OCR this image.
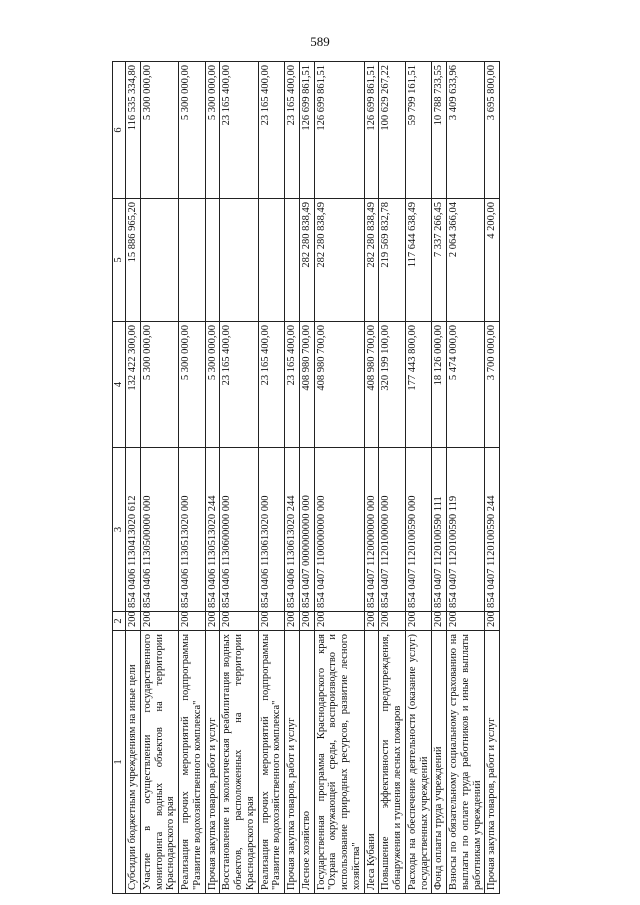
589
1	2	3	4	5	6
Субсидии бюджетным учреждениям на иные цели	200	854 0406 1130413020 612	132 422 300,00	15 886 965,20	116 535 334,80
Участие в осуществлении государственного мониторинга водных объектов на территории Краснодарского края	200	854 0406 1130500000 000	5 300 000,00		5 300 000,00
Реализация прочих мероприятий подпрограммы "Развитие водохозяйственного комплекса"	200	854 0406 1130513020 000	5 300 000,00		5 300 000,00
Прочая закупка товаров, работ и услуг	200	854 0406 1130513020 244	5 300 000,00		5 300 000,00
Восстановление и экологическая реабилитация водных объектов, расположенных на территории Краснодарского края	200	854 0406 1130600000 000	23 165 400,00		23 165 400,00
Реализация прочих мероприятий подпрограммы "Развитие водохозяйственного комплекса"	200	854 0406 1130613020 000	23 165 400,00		23 165 400,00
Прочая закупка товаров, работ и услуг	200	854 0406 1130613020 244	23 165 400,00		23 165 400,00
Лесное хозяйство	200	854 0407 0000000000 000	408 980 700,00	282 280 838,49	126 699 861,51
Государственная программа Краснодарского края "Охрана окружающей среды, воспроизводство и использование природных ресурсов, развитие лесного хозяйства"	200	854 0407 1100000000 000	408 980 700,00	282 280 838,49	126 699 861,51
Леса Кубани	200	854 0407 1120000000 000	408 980 700,00	282 280 838,49	126 699 861,51
Повышение эффективности предупреждения, обнаружения и тушения лесных пожаров	200	854 0407 1120100000 000	320 199 100,00	219 569 832,78	100 629 267,22
Расходы на обеспечение деятельности (оказание услуг) государственных учреждений	200	854 0407 1120100590 000	177 443 800,00	117 644 638,49	59 799 161,51
Фонд оплаты труда учреждений	200	854 0407 1120100590 111	18 126 000,00	7 337 266,45	10 788 733,55
Взносы по обязательному социальному страхованию на выплаты по оплате труда работников и иные выплаты работникам учреждений	200	854 0407 1120100590 119	5 474 000,00	2 064 366,04	3 409 633,96
Прочая закупка товаров, работ и услуг	200	854 0407 1120100590 244	3 700 000,00	4 200,00	3 695 800,00
